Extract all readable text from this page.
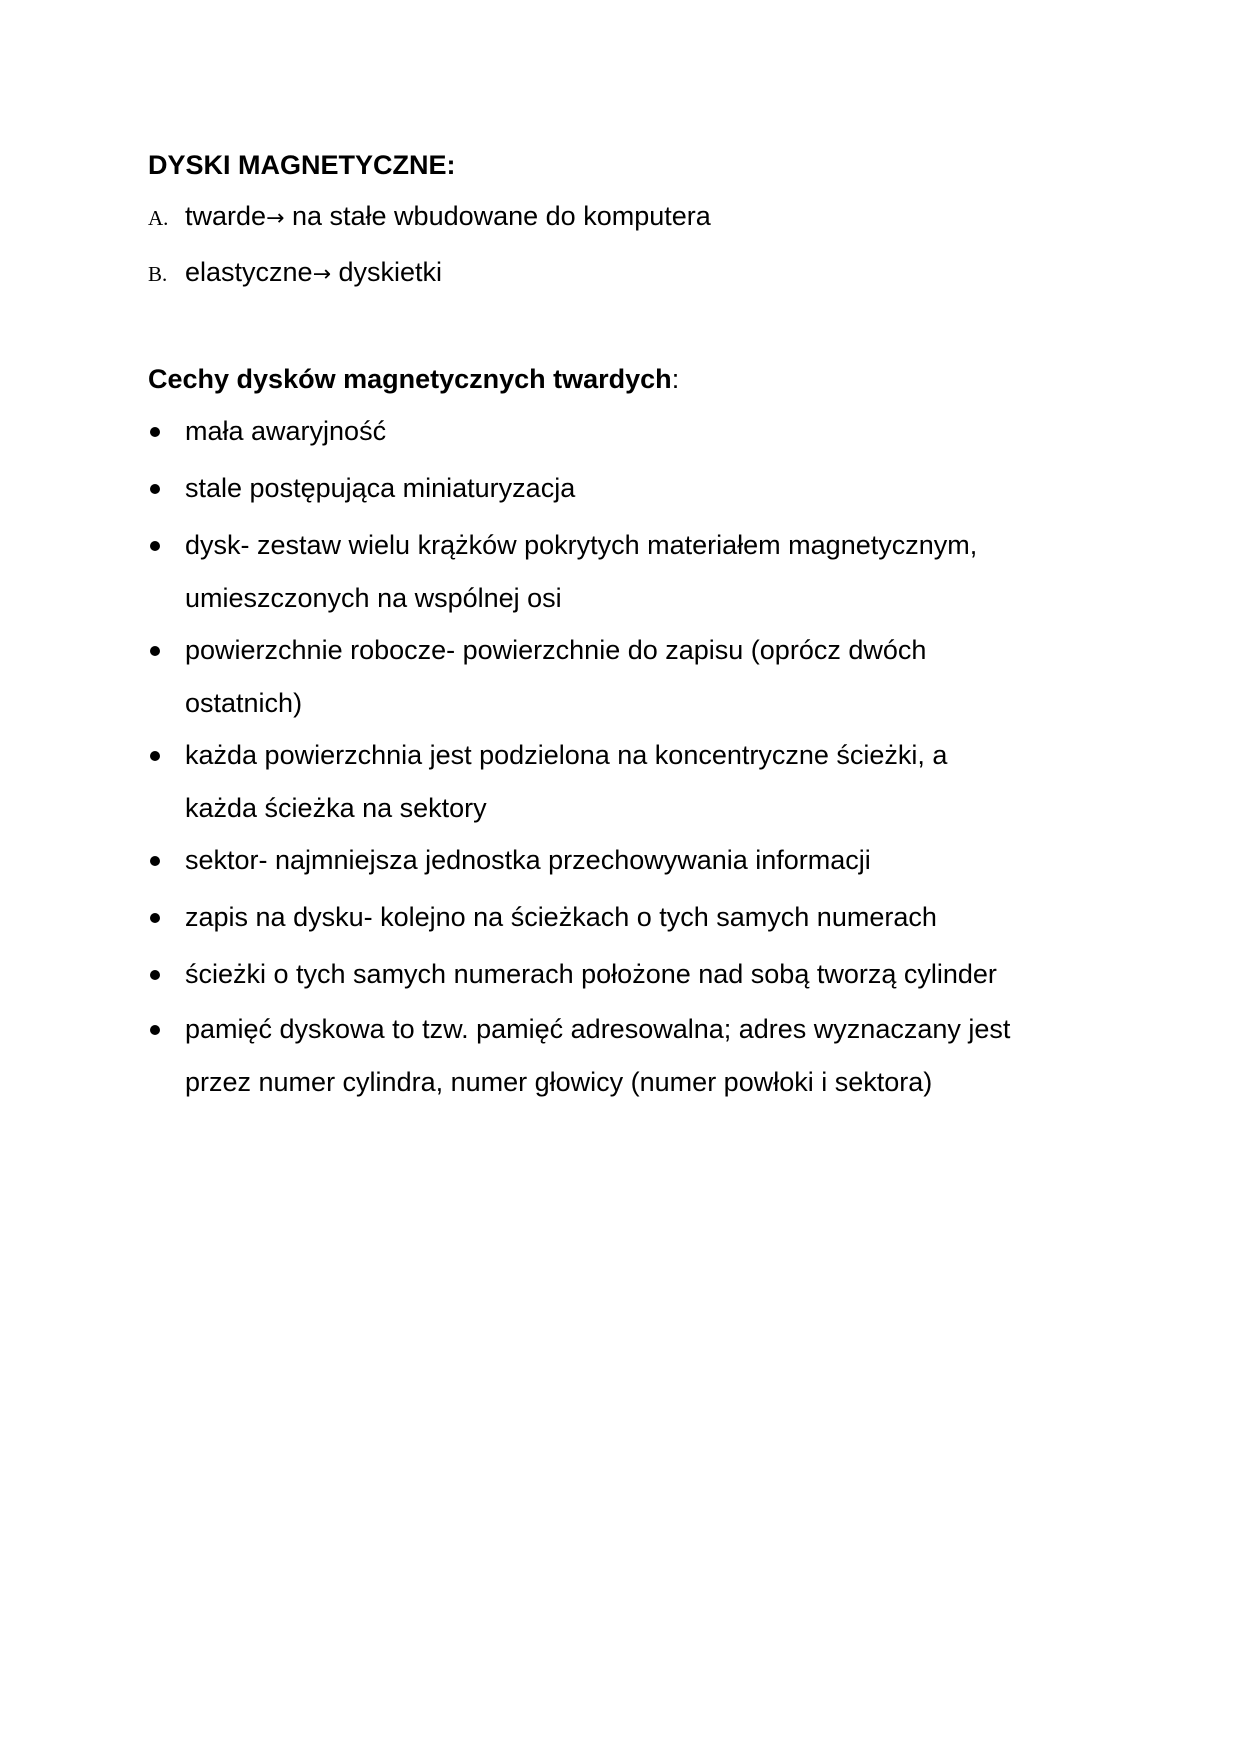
DYSKI MAGNETYCZNE:
A. twarde→ na stałe wbudowane do komputera
B. elastyczne→ dyskietki
Cechy dysków magnetycznych twardych:
mała awaryjność
stale postępująca miniaturyzacja
dysk- zestaw wielu krążków pokrytych materiałem magnetycznym,
umieszczonych na wspólnej osi
powierzchnie robocze- powierzchnie do zapisu (oprócz dwóch
ostatnich)
każda powierzchnia jest podzielona na koncentryczne ścieżki, a
każda ścieżka na sektory
sektor- najmniejsza jednostka przechowywania informacji
zapis na dysku- kolejno na ścieżkach o tych samych numerach
ścieżki o tych samych numerach położone nad sobą tworzą cylinder
pamięć dyskowa to tzw. pamięć adresowalna; adres wyznaczany jest
przez numer cylindra, numer głowicy (numer powłoki i sektora)
